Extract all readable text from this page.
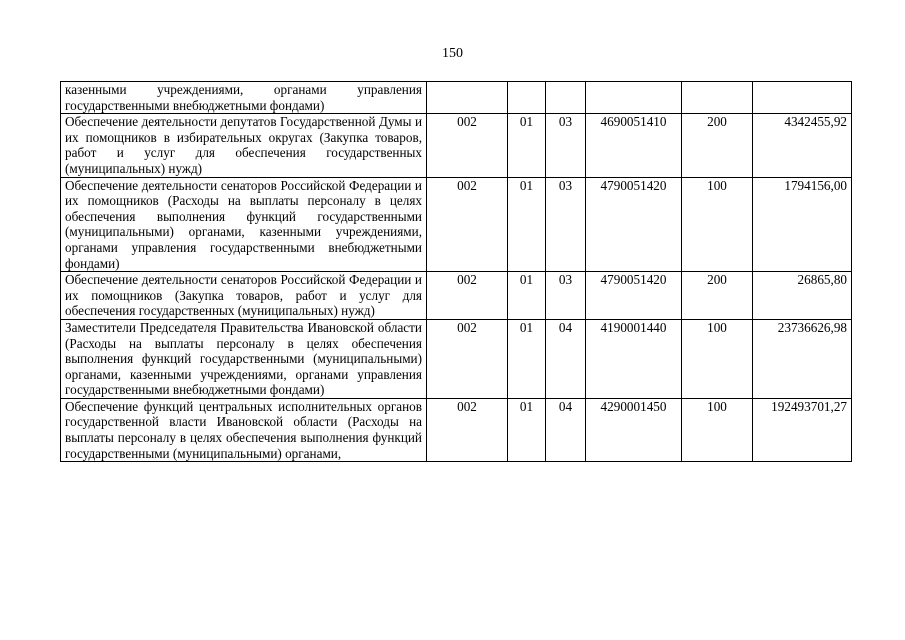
150
казенными учреждениями, органами управления государственными внебюджетными фондами)						
Обеспечение деятельности депутатов Государственной Думы и их помощников в избирательных округах (Закупка товаров, работ и услуг для обеспечения государственных (муниципальных) нужд)	002	01	03	4690051410	200	4342455,92
Обеспечение деятельности сенаторов Российской Федерации и их помощников (Расходы на выплаты персоналу в целях обеспечения выполнения функций государственными (муниципальными) органами, казенными учреждениями, органами управления государственными внебюджетными фондами)	002	01	03	4790051420	100	1794156,00
Обеспечение деятельности сенаторов Российской Федерации и их помощников (Закупка товаров, работ и услуг для обеспечения государственных (муниципальных) нужд)	002	01	03	4790051420	200	26865,80
Заместители Председателя Правительства Ивановской области (Расходы на выплаты персоналу в целях обеспечения выполнения функций государственными (муниципальными) органами, казенными учреждениями, органами управления государственными внебюджетными фондами)	002	01	04	4190001440	100	23736626,98
Обеспечение функций центральных исполнительных органов государственной власти Ивановской области (Расходы на выплаты персоналу в целях обеспечения выполнения функций государственными (муниципальными) органами,	002	01	04	4290001450	100	192493701,27
